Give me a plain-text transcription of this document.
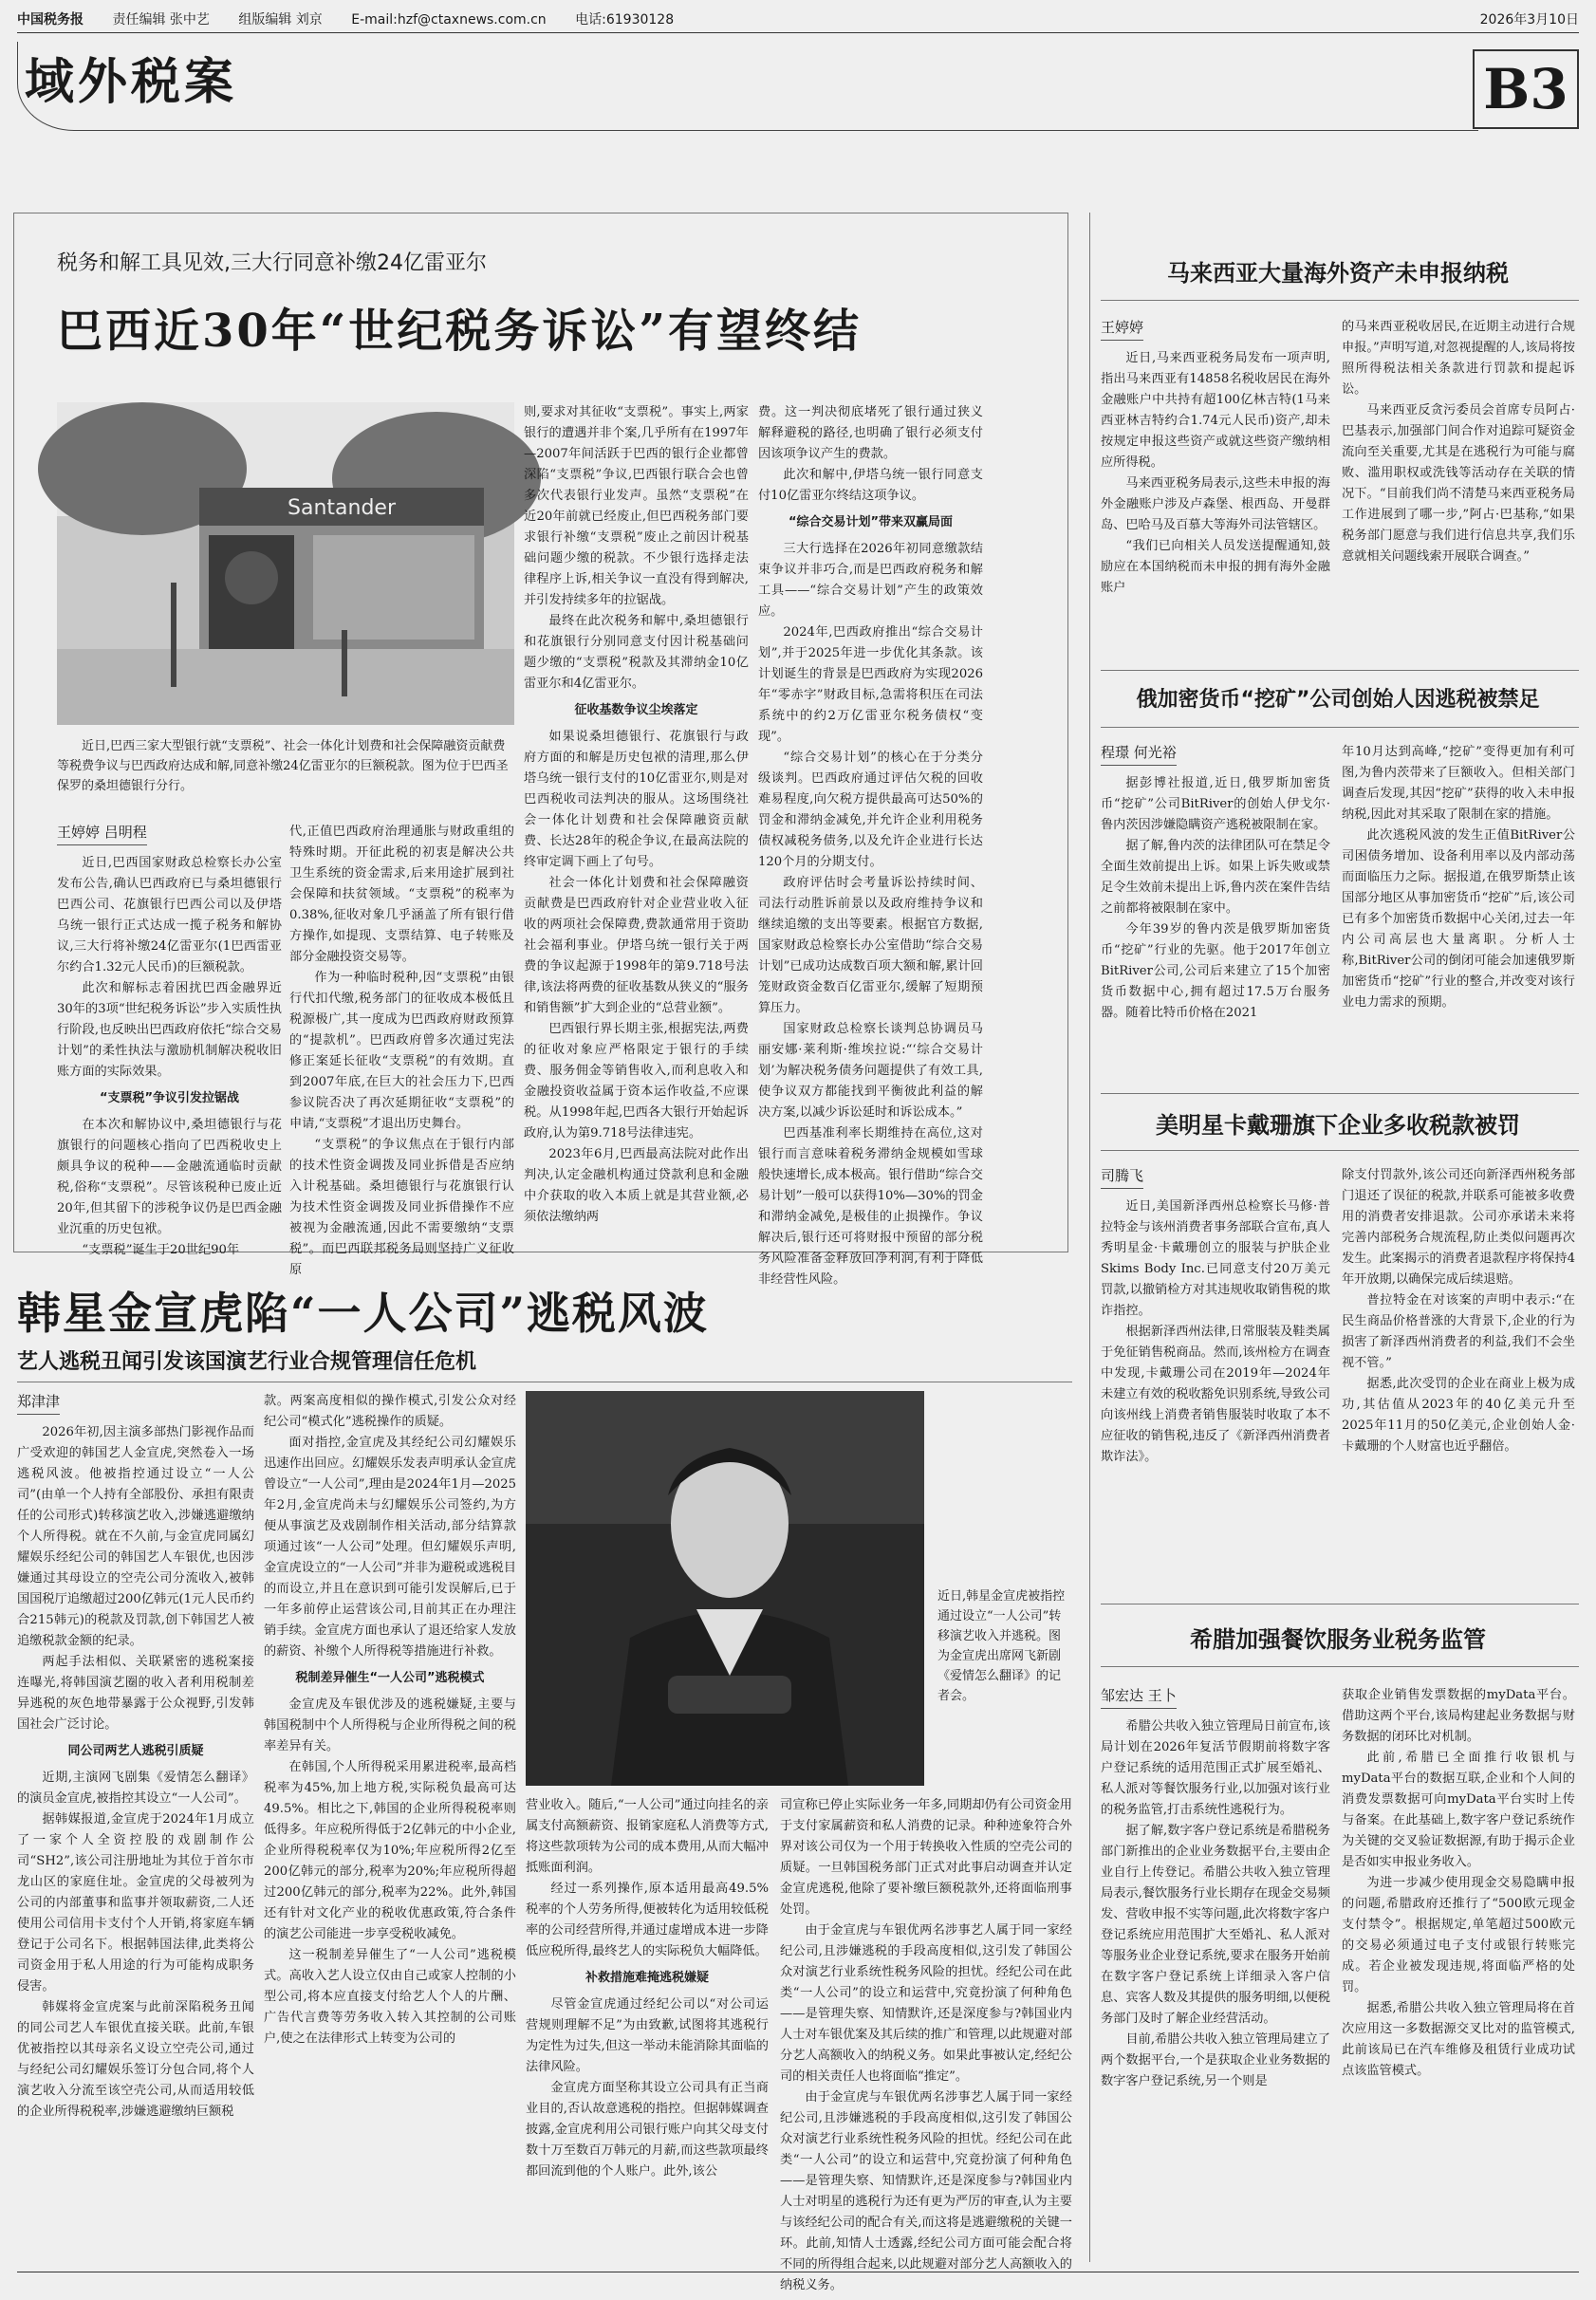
中国税务报 责任编辑 张中艺 组版编辑 刘京 E-mail:hzf@ctaxnews.com.cn 电话:61930128	2026年3月10日
域外税案	B3
税务和解工具见效,三大行同意补缴24亿雷亚尔
巴西近30年“世纪税务诉讼”有望终结
Santander
近日,巴西三家大型银行就“支票税”、社会一体化计划费和社会保障融资贡献费等税费争议与巴西政府达成和解,同意补缴24亿雷亚尔的巨额税款。图为位于巴西圣保罗的桑坦德银行分行。
王婷婷 吕明程

近日,巴西国家财政总检察长办公室发布公告,确认巴西政府已与桑坦德银行巴西公司、花旗银行巴西公司以及伊塔乌统一银行正式达成一揽子税务和解协议,三大行将补缴24亿雷亚尔(1巴西雷亚尔约合1.32元人民币)的巨额税款。

此次和解标志着困扰巴西金融界近30年的3项“世纪税务诉讼”步入实质性执行阶段,也反映出巴西政府依托“综合交易计划”的柔性执法与激励机制解决税收旧账方面的实际效果。

“支票税”争议引发拉锯战

在本次和解协议中,桑坦德银行与花旗银行的问题核心指向了巴西税收史上颇具争议的税种——金融流通临时贡献税,俗称“支票税”。尽管该税种已废止近20年,但其留下的涉税争议仍是巴西金融业沉重的历史包袱。

“支票税”诞生于20世纪90年

代,正值巴西政府治理通胀与财政重组的特殊时期。开征此税的初衷是解决公共卫生系统的资金需求,后来用途扩展到社会保障和扶贫领域。“支票税”的税率为0.38%,征收对象几乎涵盖了所有银行借方操作,如提现、支票结算、电子转账及部分金融投资交易等。

作为一种临时税种,因“支票税”由银行代扣代缴,税务部门的征收成本极低且税源极广,其一度成为巴西政府财政预算的“提款机”。巴西政府曾多次通过宪法修正案延长征收“支票税”的有效期。直到2007年底,在巨大的社会压力下,巴西参议院否决了再次延期征收“支票税”的申请,“支票税”才退出历史舞台。

“支票税”的争议焦点在于银行内部的技术性资金调拨及同业拆借是否应纳入计税基础。桑坦德银行与花旗银行认为技术性资金调拨及同业拆借操作不应被视为金融流通,因此不需要缴纳“支票税”。而巴西联邦税务局则坚持广义征收原

则,要求对其征收“支票税”。事实上,两家银行的遭遇并非个案,几乎所有在1997年—2007年间活跃于巴西的银行企业都曾深陷“支票税”争议,巴西银行联合会也曾多次代表银行业发声。虽然“支票税”在近20年前就已经废止,但巴西税务部门要求银行补缴“支票税”废止之前因计税基础问题少缴的税款。不少银行选择走法律程序上诉,相关争议一直没有得到解决,并引发持续多年的拉锯战。

最终在此次税务和解中,桑坦德银行和花旗银行分别同意支付因计税基础问题少缴的“支票税”税款及其滞纳金10亿雷亚尔和4亿雷亚尔。

征收基数争议尘埃落定

如果说桑坦德银行、花旗银行与政府方面的和解是历史包袱的清理,那么伊塔乌统一银行支付的10亿雷亚尔,则是对巴西税收司法判决的服从。这场围绕社会一体化计划费和社会保障融资贡献费、长达28年的税企争议,在最高法院的终审定调下画上了句号。

社会一体化计划费和社会保障融资贡献费是巴西政府针对企业营业收入征收的两项社会保障费,费款通常用于资助社会福利事业。伊塔乌统一银行关于两费的争议起源于1998年的第9.718号法律,该法将两费的征收基数从狭义的“服务和销售额”扩大到企业的“总营业额”。

巴西银行界长期主张,根据宪法,两费的征收对象应严格限定于银行的手续费、服务佣金等销售收入,而利息收入和金融投资收益属于资本运作收益,不应课税。从1998年起,巴西各大银行开始起诉政府,认为第9.718号法律违宪。

2023年6月,巴西最高法院对此作出判决,认定金融机构通过贷款利息和金融中介获取的收入本质上就是其营业额,必须依法缴纳两

费。这一判决彻底堵死了银行通过狭义解释避税的路径,也明确了银行必须支付因该项争议产生的费款。

此次和解中,伊塔乌统一银行同意支付10亿雷亚尔终结这项争议。

“综合交易计划”带来双赢局面

三大行选择在2026年初同意缴款结束争议并非巧合,而是巴西政府税务和解工具——“综合交易计划”产生的政策效应。

2024年,巴西政府推出“综合交易计划”,并于2025年进一步优化其条款。该计划诞生的背景是巴西政府为实现2026年“零赤字”财政目标,急需将积压在司法系统中的约2万亿雷亚尔税务债权“变现”。

“综合交易计划”的核心在于分类分级谈判。巴西政府通过评估欠税的回收难易程度,向欠税方提供最高可达50%的罚金和滞纳金减免,并允许企业利用税务债权减税务债务,以及允许企业进行长达120个月的分期支付。

政府评估时会考量诉讼持续时间、司法行动胜诉前景以及政府维持争议和继续追缴的支出等要素。根据官方数据,国家财政总检察长办公室借助“综合交易计划”已成功达成数百项大额和解,累计回笼财政资金数百亿雷亚尔,缓解了短期预算压力。

国家财政总检察长谈判总协调员马丽安娜·莱利斯·维埃拉说:“‘综合交易计划’为解决税务债务问题提供了有效工具,使争议双方都能找到平衡彼此利益的解决方案,以减少诉讼延时和诉讼成本。”

巴西基准利率长期维持在高位,这对银行而言意味着税务滞纳金规模如雪球般快速增长,成本极高。银行借助“综合交易计划”一般可以获得10%—30%的罚金和滞纳金减免,是极佳的止损操作。争议解决后,银行还可将财报中预留的部分税务风险准备金释放回净利润,有利于降低非经营性风险。

马来西亚大量海外资产未申报纳税
王婷婷

近日,马来西亚税务局发布一项声明,指出马来西亚有14858名税收居民在海外金融账户中共持有超100亿林吉特(1马来西亚林吉特约合1.74元人民币)资产,却未按规定申报这些资产或就这些资产缴纳相应所得税。

马来西亚税务局表示,这些未申报的海外金融账户涉及卢森堡、根西岛、开曼群岛、巴哈马及百慕大等海外司法管辖区。

“我们已向相关人员发送提醒通知,鼓励应在本国纳税而未申报的拥有海外金融账户

的马来西亚税收居民,在近期主动进行合规申报。”声明写道,对忽视提醒的人,该局将按照所得税法相关条款进行罚款和提起诉讼。

马来西亚反贪污委员会首席专员阿占·巴基表示,加强部门间合作对追踪可疑资金流向至关重要,尤其是在逃税行为可能与腐败、滥用职权或洗钱等活动存在关联的情况下。“目前我们尚不清楚马来西亚税务局工作进展到了哪一步,”阿占·巴基称,“如果税务部门愿意与我们进行信息共享,我们乐意就相关问题线索开展联合调查。”

俄加密货币“挖矿”公司创始人因逃税被禁足
程璟 何光裕

据彭博社报道,近日,俄罗斯加密货币“挖矿”公司BitRiver的创始人伊戈尔·鲁内茨因涉嫌隐瞒资产逃税被限制在家。

据了解,鲁内茨的法律团队可在禁足令全面生效前提出上诉。如果上诉失败或禁足令生效前未提出上诉,鲁内茨在案件告结之前都将被限制在家中。

今年39岁的鲁内茨是俄罗斯加密货币“挖矿”行业的先驱。他于2017年创立BitRiver公司,公司后来建立了15个加密货币数据中心,拥有超过17.5万台服务器。随着比特币价格在2021

年10月达到高峰,“挖矿”变得更加有利可图,为鲁内茨带来了巨额收入。但相关部门调查后发现,其因“挖矿”获得的收入未申报纳税,因此对其采取了限制在家的措施。

此次逃税风波的发生正值BitRiver公司困债务增加、设备利用率以及内部动荡而面临压力之际。据报道,在俄罗斯禁止该国部分地区从事加密货币“挖矿”后,该公司已有多个加密货币数据中心关闭,过去一年内公司高层也大量离职。分析人士称,BitRiver公司的倒闭可能会加速俄罗斯加密货币“挖矿”行业的整合,并改变对该行业电力需求的预期。

美明星卡戴珊旗下企业多收税款被罚
司腾飞

近日,美国新泽西州总检察长马修·普拉特金与该州消费者事务部联合宣布,真人秀明星金·卡戴珊创立的服装与护肤企业Skims Body Inc.已同意支付20万美元罚款,以撤销检方对其违规收取销售税的欺诈指控。

根据新泽西州法律,日常服装及鞋类属于免征销售税商品。然而,该州检方在调查中发现,卡戴珊公司在2019年—2024年未建立有效的税收豁免识别系统,导致公司向该州线上消费者销售服装时收取了本不应征收的销售税,违反了《新泽西州消费者欺诈法》。

除支付罚款外,该公司还向新泽西州税务部门退还了误征的税款,并联系可能被多收费用的消费者安排退款。公司亦承诺未来将完善内部税务合规流程,防止类似问题再次发生。此案揭示的消费者退款程序将保持4年开放期,以确保完成后续退赔。

普拉特金在对该案的声明中表示:“在民生商品价格普涨的大背景下,企业的行为损害了新泽西州消费者的利益,我们不会坐视不管。”

据悉,此次受罚的企业在商业上极为成功,其估值从2023年的40亿美元升至2025年11月的50亿美元,企业创始人金·卡戴珊的个人财富也近乎翻倍。

希腊加强餐饮服务业税务监管
邹宏达 王卜

希腊公共收入独立管理局日前宣布,该局计划在2026年复活节假期前将数字客户登记系统的适用范围正式扩展至婚礼、私人派对等餐饮服务行业,以加强对该行业的税务监管,打击系统性逃税行为。

据了解,数字客户登记系统是希腊税务部门新推出的企业业务数据平台,主要由企业自行上传登记。希腊公共收入独立管理局表示,餐饮服务行业长期存在现金交易频发、营收申报不实等问题,此次将数字客户登记系统应用范围扩大至婚礼、私人派对等服务业企业登记系统,要求在服务开始前在数字客户登记系统上详细录入客户信息、宾客人数及其提供的服务明细,以便税务部门及时了解企业经营活动。

目前,希腊公共收入独立管理局建立了两个数据平台,一个是获取企业业务数据的数字客户登记系统,另一个则是

获取企业销售发票数据的myData平台。借助这两个平台,该局构建起业务数据与财务数据的闭环比对机制。

此前,希腊已全面推行收银机与myData平台的数据互联,企业和个人间的消费发票数据可向myData平台实时上传与备案。在此基础上,数字客户登记系统作为关键的交叉验证数据源,有助于揭示企业是否如实申报业务收入。

为进一步减少使用现金交易隐瞒申报的问题,希腊政府还推行了“500欧元现金支付禁令”。根据规定,单笔超过500欧元的交易必须通过电子支付或银行转账完成。若企业被发现违规,将面临严格的处罚。

据悉,希腊公共收入独立管理局将在首次应用这一多数据源交叉比对的监管模式,此前该局已在汽车维修及租赁行业成功试点该监管模式。

韩星金宣虎陷“一人公司”逃税风波
艺人逃税丑闻引发该国演艺行业合规管理信任危机
近日,韩星金宣虎被指控通过设立“一人公司”转移演艺收入并逃税。图为金宣虎出席网飞新剧《爱情怎么翻译》的记者会。
郑津津

2026年初,因主演多部热门影视作品而广受欢迎的韩国艺人金宣虎,突然卷入一场逃税风波。他被指控通过设立“一人公司”(由单一个人持有全部股份、承担有限责任的公司形式)转移演艺收入,涉嫌逃避缴纳个人所得税。就在不久前,与金宣虎同属幻耀娱乐经纪公司的韩国艺人车银优,也因涉嫌通过其母设立的空壳公司分流收入,被韩国国税厅追缴超过200亿韩元(1元人民币约合215韩元)的税款及罚款,创下韩国艺人被追缴税款金额的纪录。

两起手法相似、关联紧密的逃税案接连曝光,将韩国演艺圈的收入者利用税制差异逃税的灰色地带暴露于公众视野,引发韩国社会广泛讨论。

同公司两艺人逃税引质疑

近期,主演网飞剧集《爱情怎么翻译》的演员金宣虎,被指控其设立“一人公司”。

据韩媒报道,金宣虎于2024年1月成立了一家个人全资控股的戏剧制作公司“SH2”,该公司注册地址为其位于首尔市龙山区的家庭住址。金宣虎的父母被列为公司的内部董事和监事并领取薪资,二人还使用公司信用卡支付个人开销,将家庭车辆登记于公司名下。根据韩国法律,此类将公司资金用于私人用途的行为可能构成职务侵害。

韩媒将金宣虎案与此前深陷税务丑闻的同公司艺人车银优直接关联。此前,车银优被指控以其母亲名义设立空壳公司,通过与经纪公司幻耀娱乐签订分包合同,将个人演艺收入分流至该空壳公司,从而适用较低的企业所得税税率,涉嫌逃避缴纳巨额税

款。两案高度相似的操作模式,引发公众对经纪公司“模式化”逃税操作的质疑。

面对指控,金宣虎及其经纪公司幻耀娱乐迅速作出回应。幻耀娱乐发表声明承认金宣虎曾设立“一人公司”,理由是2024年1月—2025年2月,金宣虎尚未与幻耀娱乐公司签约,为方便从事演艺及戏剧制作相关活动,部分结算款项通过该“一人公司”处理。但幻耀娱乐声明,金宣虎设立的“一人公司”并非为避税或逃税目的而设立,并且在意识到可能引发误解后,已于一年多前停止运营该公司,目前其正在办理注销手续。金宣虎方面也承认了退还给家人发放的薪资、补缴个人所得税等措施进行补救。

税制差异催生“一人公司”逃税模式

金宣虎及车银优涉及的逃税嫌疑,主要与韩国税制中个人所得税与企业所得税之间的税率差异有关。

在韩国,个人所得税采用累进税率,最高档税率为45%,加上地方税,实际税负最高可达49.5%。相比之下,韩国的企业所得税税率则低得多。年应税所得低于2亿韩元的中小企业,企业所得税税率仅为10%;年应税所得2亿至200亿韩元的部分,税率为20%;年应税所得超过200亿韩元的部分,税率为22%。此外,韩国还有针对文化产业的税收优惠政策,符合条件的演艺公司能进一步享受税收减免。

这一税制差异催生了“一人公司”逃税模式。高收入艺人设立仅由自己或家人控制的小型公司,将本应直接支付给艺人个人的片酬、广告代言费等劳务收入转入其控制的公司账户,使之在法律形式上转变为公司的

营业收入。随后,“一人公司”通过向挂名的亲属支付高额薪资、报销家庭私人消费等方式,将这些款项转为公司的成本费用,从而大幅冲抵账面利润。

经过一系列操作,原本适用最高49.5%税率的个人劳务所得,便被转化为适用较低税率的公司经营所得,并通过虚增成本进一步降低应税所得,最终艺人的实际税负大幅降低。

补救措施难掩逃税嫌疑

尽管金宣虎通过经纪公司以“对公司运营规则理解不足”为由致歉,试图将其逃税行为定性为过失,但这一举动未能消除其面临的法律风险。

金宣虎方面坚称其设立公司具有正当商业目的,否认故意逃税的指控。但据韩媒调查披露,金宣虎利用公司银行账户向其父母支付数十万至数百万韩元的月薪,而这些款项最终都回流到他的个人账户。此外,该公

司宣称已停止实际业务一年多,同期却仍有公司资金用于支付家属薪资和私人消费的记录。种种迹象符合外界对该公司仅为一个用于转换收入性质的空壳公司的质疑。一旦韩国税务部门正式对此事启动调查并认定金宣虎逃税,他除了要补缴巨额税款外,还将面临刑事处罚。

由于金宣虎与车银优两名涉事艺人属于同一家经纪公司,且涉嫌逃税的手段高度相似,这引发了韩国公众对演艺行业系统性税务风险的担忧。经纪公司在此类“一人公司”的设立和运营中,究竟扮演了何种角色——是管理失察、知情默许,还是深度参与?韩国业内人士对车银优案及其后续的推广和管理,以此规避对部分艺人高额收入的纳税义务。如果此事被认定,经纪公司的相关责任人也将面临“推定”。

由于金宣虎与车银优两名涉事艺人属于同一家经纪公司,且涉嫌逃税的手段高度相似,这引发了韩国公众对演艺行业系统性税务风险的担忧。经纪公司在此类“一人公司”的设立和运营中,究竟扮演了何种角色——是管理失察、知情默许,还是深度参与?韩国业内人士对明星的逃税行为还有更为严厉的审查,认为主要与该经纪公司的配合有关,而这将是逃避缴税的关键一环。此前,知情人士透露,经纪公司方面可能会配合将不同的所得组合起来,以此规避对部分艺人高额收入的纳税义务。
